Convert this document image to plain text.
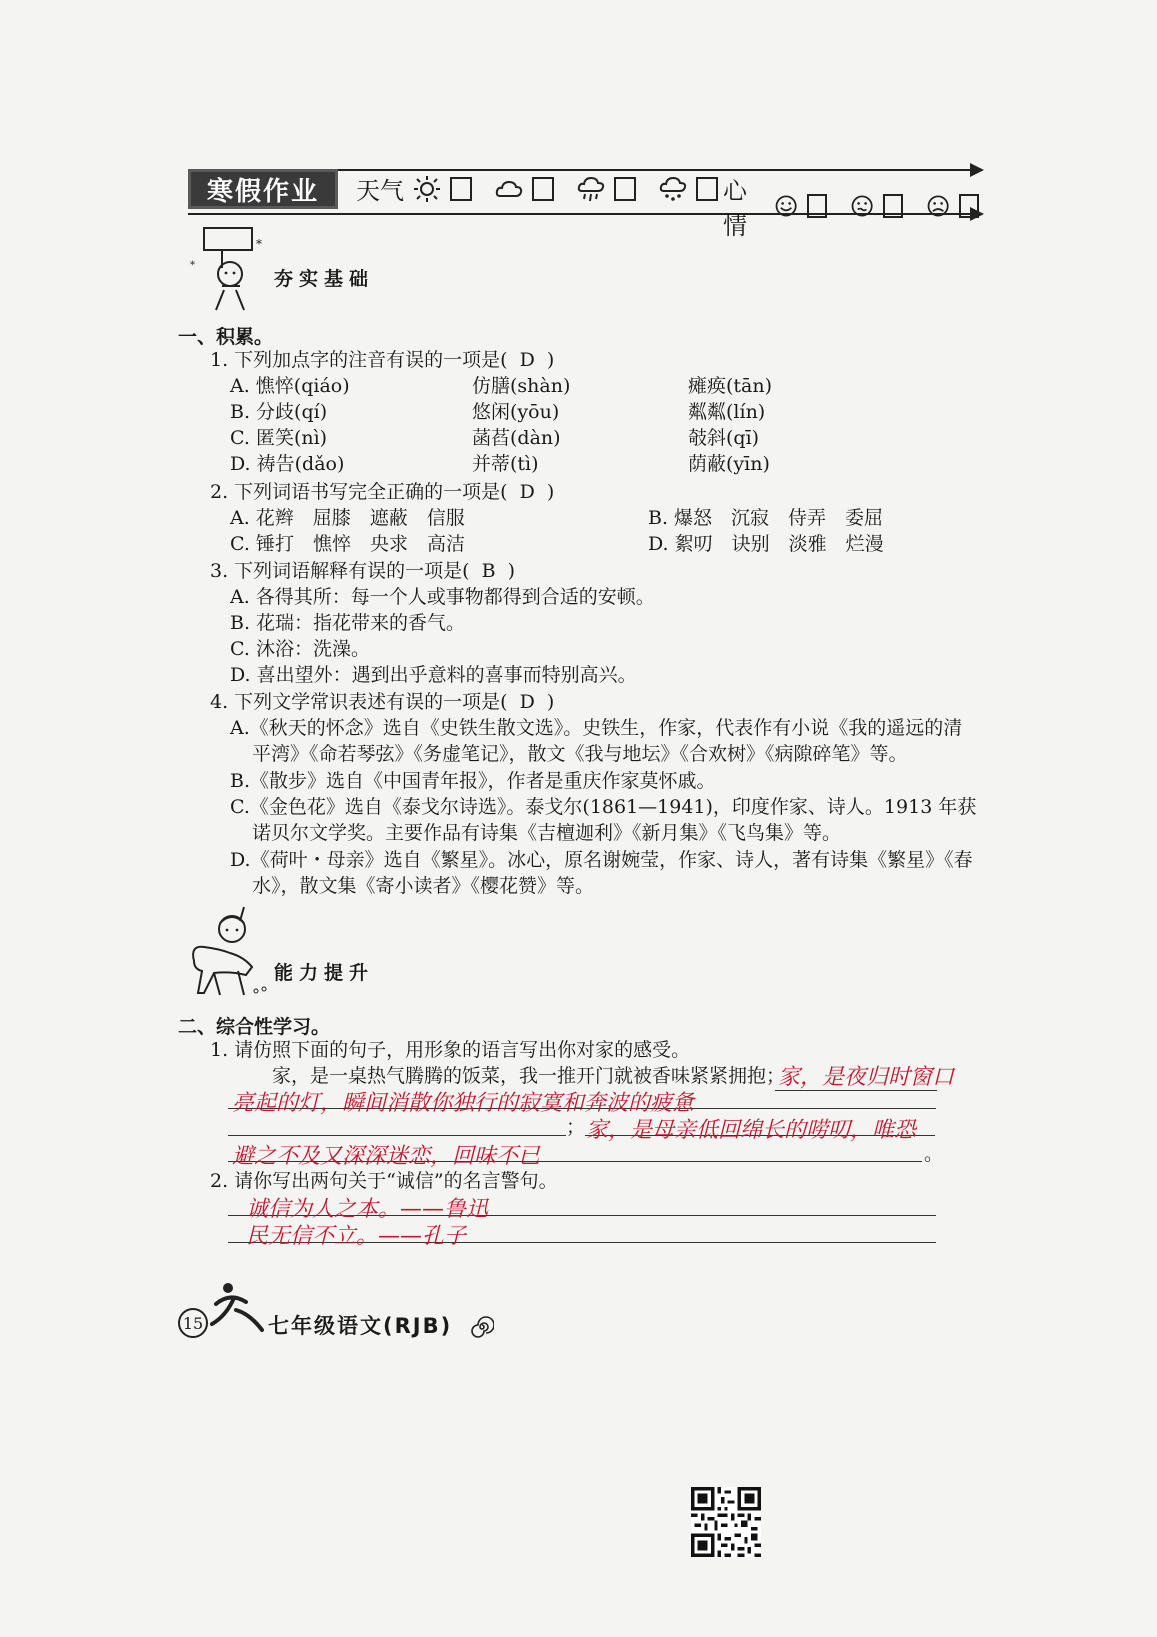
寒假作业	天气	心情
*
*
夯实基础
一、积累。
1. 下列加点字的注音有误的一项是( D )
A. 憔悴(qiáo)	仿膳(shàn)	瘫痪(tān)
B. 分歧(qí)	悠闲(yōu)	粼粼(lín)
C. 匿笑(nì)	菡萏(dàn)	攲斜(qī)
D. 祷告(dǎo)	并蒂(tì)	荫蔽(yīn)
2. 下列词语书写完全正确的一项是( D )
A. 花辫　屈膝　遮蔽　信服	B. 爆怒　沉寂　侍弄　委屈
C. 锤打　憔悴　央求　高洁	D. 絮叨　诀别　淡雅　烂漫
3. 下列词语解释有误的一项是( B )
A. 各得其所：每一个人或事物都得到合适的安顿。
B. 花瑞：指花带来的香气。
C. 沐浴：洗澡。
D. 喜出望外：遇到出乎意料的喜事而特别高兴。
4. 下列文学常识表述有误的一项是( D )
A.《秋天的怀念》选自《史铁生散文选》。史铁生，作家，代表作有小说《我的遥远的清
平湾》《命若琴弦》《务虚笔记》，散文《我与地坛》《合欢树》《病隙碎笔》等。
B.《散步》选自《中国青年报》，作者是重庆作家莫怀戚。
C.《金色花》选自《泰戈尔诗选》。泰戈尔(1861—1941)，印度作家、诗人。1913 年获
诺贝尔文学奖。主要作品有诗集《吉檀迦利》《新月集》《飞鸟集》等。
D.《荷叶・母亲》选自《繁星》。冰心，原名谢婉莹，作家、诗人，著有诗集《繁星》《春
水》，散文集《寄小读者》《樱花赞》等。
能力提升
二、综合性学习。
1. 请仿照下面的句子，用形象的语言写出你对家的感受。
家，是一桌热气腾腾的饭菜，我一推开门就被香味紧紧拥抱；
家，是夜归时窗口
亮起的灯，瞬间消散你独行的寂寞和奔波的疲惫
； 家，是母亲低回绵长的唠叨，唯恐
避之不及又深深迷恋，回味不已	。
2. 请你写出两句关于“诚信”的名言警句。
诚信为人之本。——鲁迅
民无信不立。——孔子
15	七年级语文(RJB)
